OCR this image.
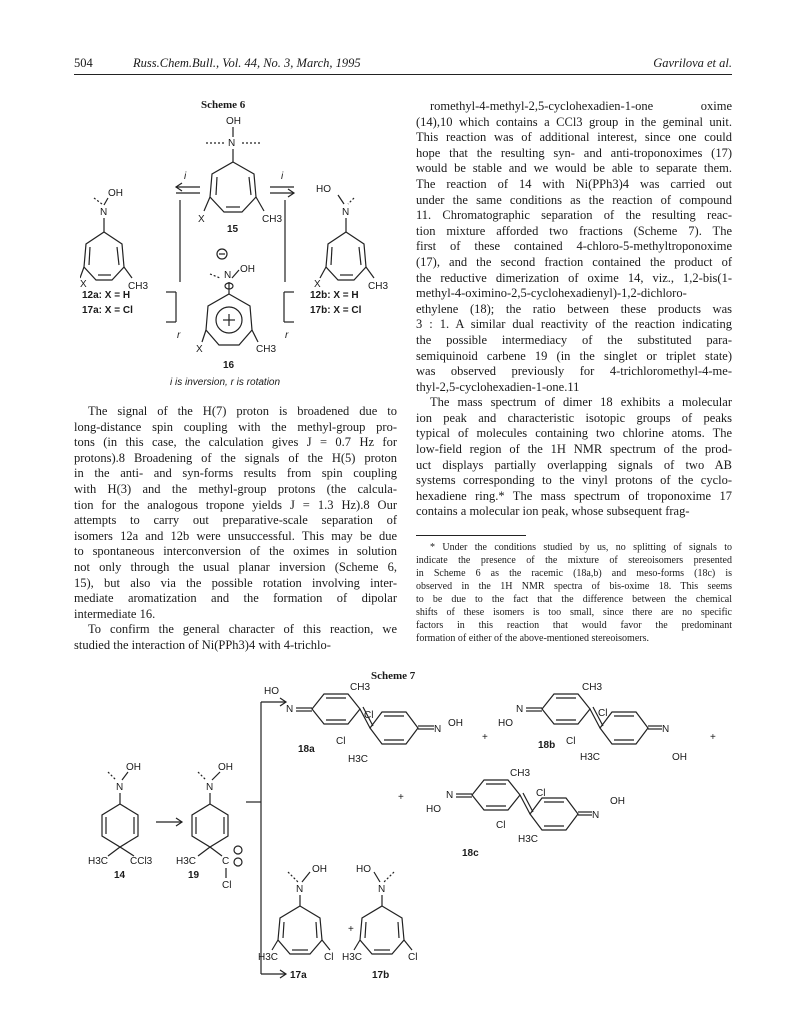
504	Russ.Chem.Bull., Vol. 44, No. 3, March, 1995	Gavrilova et al.
Scheme 6
OH
N
X	CH3
15
OH
N
X	CH3
HO
N
X	CH3
OH
N
X	CH3
16
i	i
r	r
12a: X = H
17a: X = Cl
12b: X = H
17b: X = Cl
i is inversion, r is rotation
The signal of the H(7) proton is broadened due to
long-distance spin coupling with the methyl-group pro-
tons (in this case, the calculation gives J = 0.7 Hz for
protons).8 Broadening of the signals of the H(5) proton
in the anti- and syn-forms results from spin coupling
with H(3) and the methyl-group protons (the calcula-
tion for the analogous tropone yields J = 1.3 Hz).8 Our
attempts to carry out preparative-scale separation of
isomers 12a and 12b were unsuccessful. This may be due
to spontaneous interconversion of the oximes in solution
not only through the usual planar inversion (Scheme 6,
15), but also via the possible rotation involving inter-
mediate aromatization and the formation of dipolar
intermediate 16.
To confirm the general character of this reaction, we
studied the interaction of Ni(PPh3)4 with 4-trichlo-
romethyl-4-methyl-2,5-cyclohexadien-1-one oxime
(14),10 which contains a CCl3 group in the geminal unit.
This reaction was of additional interest, since one could
hope that the resulting syn- and anti-troponoximes (17)
would be stable and we would be able to separate them.
The reaction of 14 with Ni(PPh3)4 was carried out
under the same conditions as the reaction of compound
11. Chromatographic separation of the resulting reac-
tion mixture afforded two fractions (Scheme 7). The
first of these contained 4-chloro-5-methyltroponoxime
(17), and the second fraction contained the product of
the reductive dimerization of oxime 14, viz., 1,2-bis(1-
methyl-4-oximino-2,5-cyclohexadienyl)-1,2-dichloro-
ethylene (18); the ratio between these products was
3 : 1. A similar dual reactivity of the reaction indicating
the possible intermediacy of the substituted para-
semiquinoid carbene 19 (in the singlet or triplet state)
was observed previously for 4-trichloromethyl-4-me-
thyl-2,5-cyclohexadien-1-one.11
The mass spectrum of dimer 18 exhibits a molecular
ion peak and characteristic isotopic groups of peaks
typical of molecules containing two chlorine atoms. The
low-field region of the 1H NMR spectrum of the prod-
uct displays partially overlapping signals of two AB
systems corresponding to the vinyl protons of the cyclo-
hexadiene ring.* The mass spectrum of troponoxime 17
contains a molecular ion peak, whose subsequent frag-
* Under the conditions studied by us, no splitting of signals to
indicate the presence of the mixture of stereoisomers presented
in Scheme 6 as the racemic (18a,b) and meso-forms (18c) is
observed in the 1H NMR spectra of bis-oxime 18. This seems
to be due to the fact that the difference between the chemical
shifts of these isomers is too small, since there are no specific
factors in this reaction that would favor the predominant
formation of either of the above-mentioned stereoisomers.
Scheme 7
OH
N
H3C CCl3
14
OH
N
H3C	C
Cl
19
HO
N
CH3
Cl
Cl
N
OH
H3C
18a
+
HO
N
CH3
Cl
Cl
N
OH
H3C
18b
+
+
HO
N
CH3
Cl
Cl
N
OH
H3C
18c
OH
N
H3C	Cl
17a
+
HO
N
H3C	Cl
17b
